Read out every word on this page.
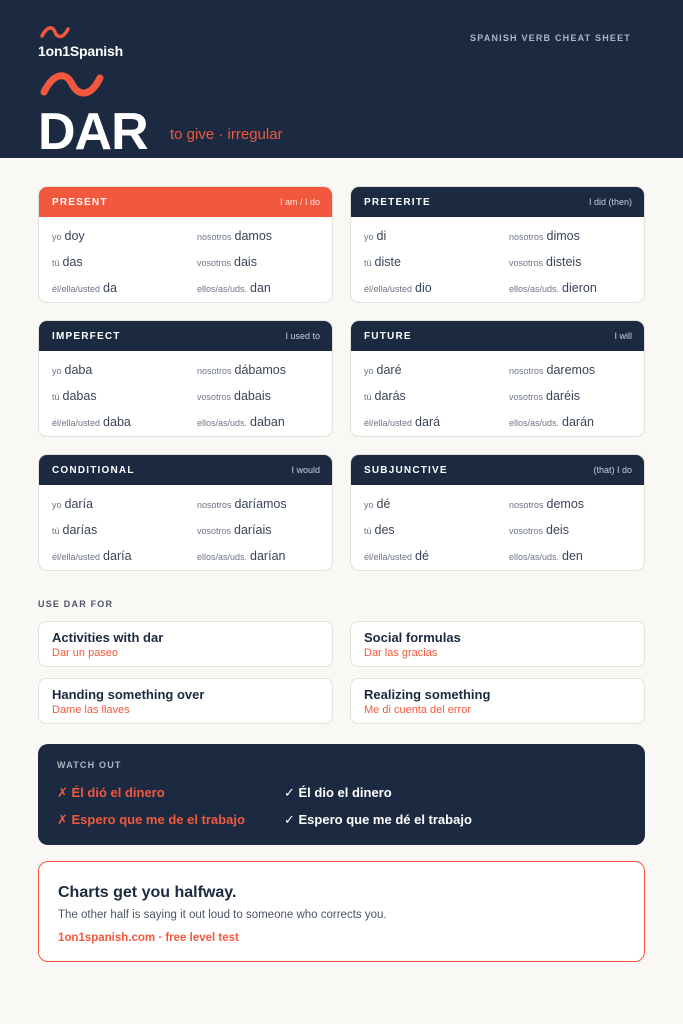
1on1Spanish
SPANISH VERB CHEAT SHEET
DAR to give · irregular
PRESENT	I am / I do
yo doy	nosotros damos
tú das	vosotros dais
él/ella/usted da	ellos/as/uds. dan
PRETERITE	I did (then)
yo di	nosotros dimos
tú diste	vosotros disteis
él/ella/usted dio	ellos/as/uds. dieron
IMPERFECT	I used to
yo daba	nosotros dábamos
tú dabas	vosotros dabais
él/ella/usted daba	ellos/as/uds. daban
FUTURE	I will
yo daré	nosotros daremos
tú darás	vosotros daréis
él/ella/usted dará	ellos/as/uds. darán
CONDITIONAL	I would
yo daría	nosotros daríamos
tú darías	vosotros daríais
él/ella/usted daría	ellos/as/uds. darían
SUBJUNCTIVE	(that) I do
yo dé	nosotros demos
tú des	vosotros deis
él/ella/usted dé	ellos/as/uds. den
USE DAR FOR
Activities with dar
Dar un paseo
Social formulas
Dar las gracias
Handing something over
Dame las llaves
Realizing something
Me di cuenta del error
WATCH OUT
✗ Él dió el dinero	✓ Él dio el dinero
✗ Espero que me de el trabajo	✓ Espero que me dé el trabajo
Charts get you halfway.
The other half is saying it out loud to someone who corrects you.
1on1spanish.com · free level test
